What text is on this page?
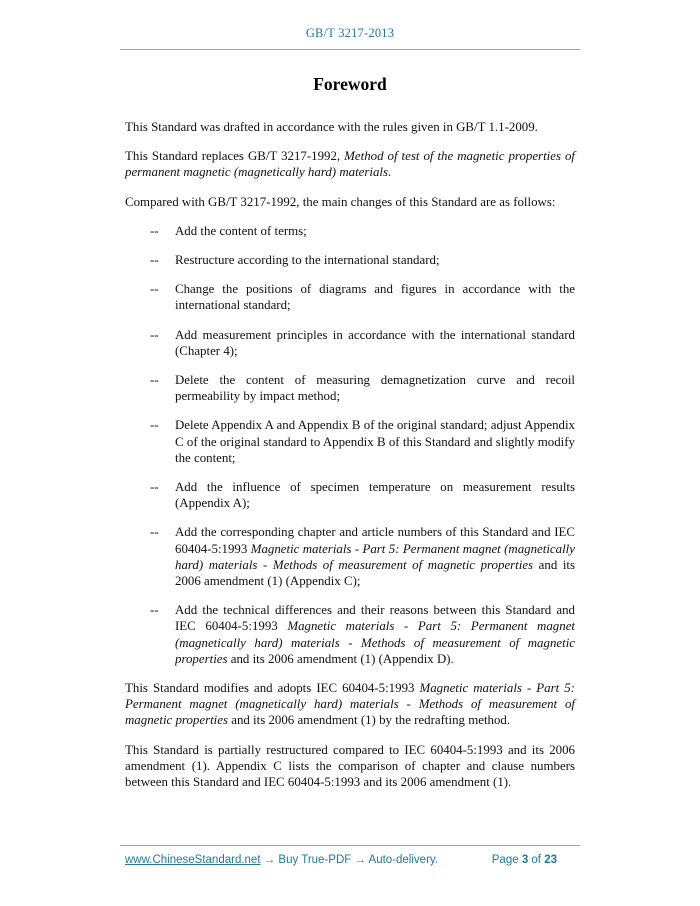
GB/T 3217-2013
Foreword
This Standard was drafted in accordance with the rules given in GB/T 1.1-2009.
This Standard replaces GB/T 3217-1992, Method of test of the magnetic properties of permanent magnetic (magnetically hard) materials.
Compared with GB/T 3217-1992, the main changes of this Standard are as follows:
--	Add the content of terms;
--	Restructure according to the international standard;
--	Change the positions of diagrams and figures in accordance with the international standard;
--	Add measurement principles in accordance with the international standard (Chapter 4);
--	Delete the content of measuring demagnetization curve and recoil permeability by impact method;
--	Delete Appendix A and Appendix B of the original standard; adjust Appendix C of the original standard to Appendix B of this Standard and slightly modify the content;
--	Add the influence of specimen temperature on measurement results (Appendix A);
--	Add the corresponding chapter and article numbers of this Standard and IEC 60404-5:1993 Magnetic materials - Part 5: Permanent magnet (magnetically hard) materials - Methods of measurement of magnetic properties and its 2006 amendment (1) (Appendix C);
--	Add the technical differences and their reasons between this Standard and IEC 60404-5:1993 Magnetic materials - Part 5: Permanent magnet (magnetically hard) materials - Methods of measurement of magnetic properties and its 2006 amendment (1) (Appendix D).
This Standard modifies and adopts IEC 60404-5:1993 Magnetic materials - Part 5: Permanent magnet (magnetically hard) materials - Methods of measurement of magnetic properties and its 2006 amendment (1) by the redrafting method.
This Standard is partially restructured compared to IEC 60404-5:1993 and its 2006 amendment (1). Appendix C lists the comparison of chapter and clause numbers between this Standard and IEC 60404-5:1993 and its 2006 amendment (1).
www.ChineseStandard.net → Buy True-PDF → Auto-delivery.	Page 3 of 23
